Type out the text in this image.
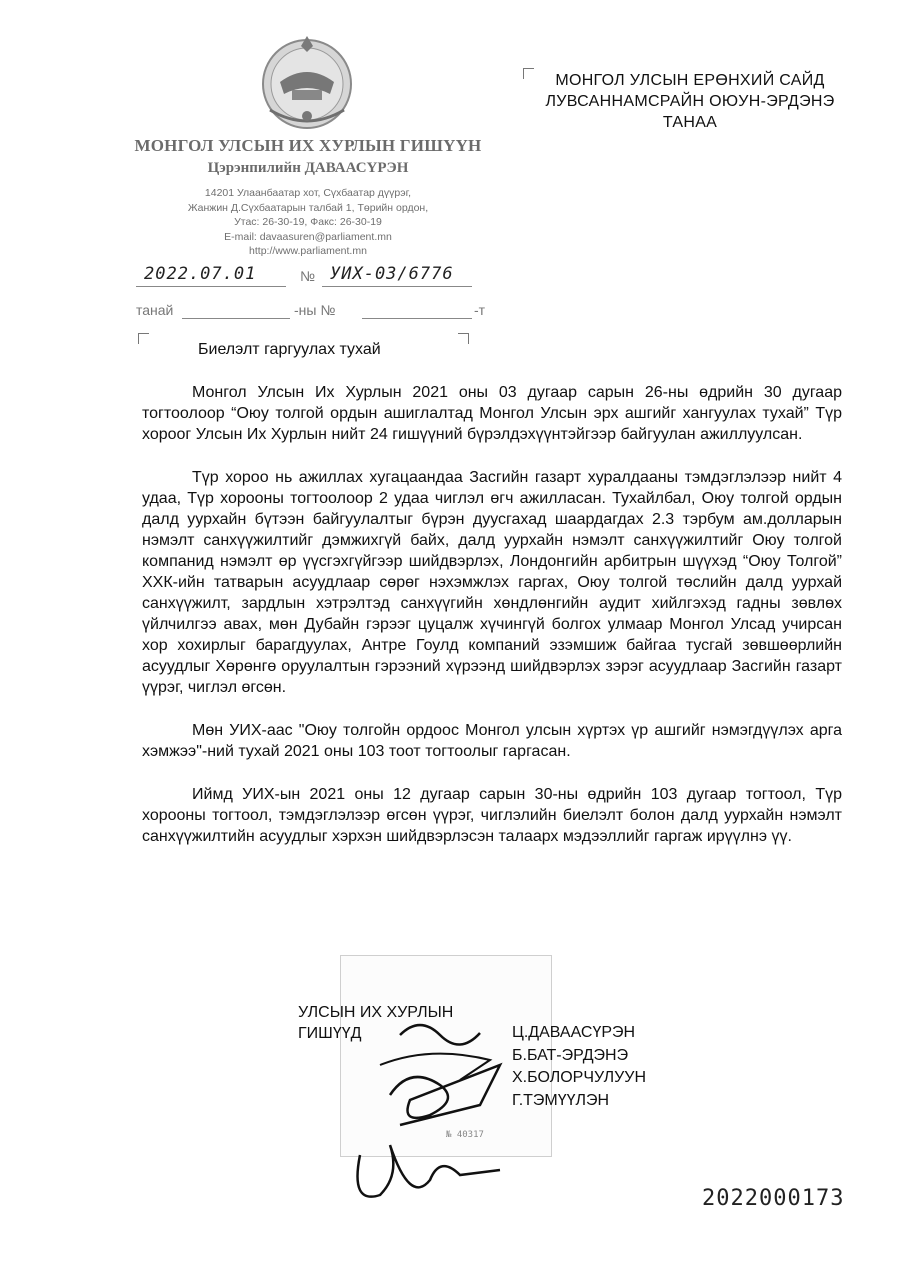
МОНГОЛ УЛСЫН ИХ ХУРЛЫН ГИШҮҮН
Цэрэнпилийн ДАВААСҮРЭН
14201 Улаанбаатар хот, Сүхбаатар дүүрэг,
Жанжин Д.Сүхбаатарын талбай 1, Төрийн ордон,
Утас: 26-30-19, Факс: 26-30-19
E-mail: davaasuren@parliament.mn
http://www.parliament.mn
2022.07.01	№ УИХ-03/6776
танай	-ны №	-т
МОНГОЛ УЛСЫН ЕРӨНХИЙ САЙД
ЛУВСАННАМСРАЙН ОЮУН-ЭРДЭНЭ
ТАНАА
Биелэлт гаргуулах тухай

Монгол Улсын Их Хурлын 2021 оны 03 дугаар сарын 26-ны өдрийн 30 дугаар тогтоолоор “Оюу толгой ордын ашиглалтад Монгол Улсын эрх ашгийг хангуулах тухай” Түр хороог Улсын Их Хурлын нийт 24 гишүүний бүрэлдэхүүнтэйгээр байгуулан ажиллуулсан.

Түр хороо нь ажиллах хугацаандаа Засгийн газарт хуралдааны тэмдэглэлээр нийт 4 удаа, Түр хорооны тогтоолоор 2 удаа чиглэл өгч ажилласан. Тухайлбал, Оюу толгой ордын далд уурхайн бүтээн байгуулалтыг бүрэн дуусгахад шаардагдах 2.3 тэрбум ам.долларын нэмэлт санхүүжилтийг дэмжихгүй байх, далд уурхайн нэмэлт санхүүжилтийг Оюу толгой компанид нэмэлт өр үүсгэхгүйгээр шийдвэрлэх, Лондонгийн арбитрын шүүхэд “Оюу Толгой” ХХК-ийн татварын асуудлаар сөрөг нэхэмжлэх гаргах, Оюу толгой төслийн далд уурхай санхүүжилт, зардлын хэтрэлтэд санхүүгийн хөндлөнгийн аудит хийлгэхэд гадны зөвлөх үйлчилгээ авах, мөн Дубайн гэрээг цуцалж хүчингүй болгох улмаар Монгол Улсад учирсан хор хохирлыг барагдуулах, Антре Гоулд компаний эзэмшиж байгаа тусгай зөвшөөрлийн асуудлыг Хөрөнгө оруулалтын гэрээний хүрээнд шийдвэрлэх зэрэг асуудлаар Засгийн газарт үүрэг, чиглэл өгсөн.

Мөн УИХ-аас "Оюу толгойн ордоос Монгол улсын хүртэх үр ашгийг нэмэгдүүлэх арга хэмжээ"-ний тухай 2021 оны 103 тоот тогтоолыг гаргасан.

Иймд УИХ-ын 2021 оны 12 дугаар сарын 30-ны өдрийн 103 дугаар тогтоол, Түр хорооны тогтоол, тэмдэглэлээр өгсөн үүрэг, чиглэлийн биелэлт болон далд уурхайн нэмэлт санхүүжилтийн асуудлыг хэрхэн шийдвэрлэсэн талаарх мэдээллийг гаргаж ирүүлнэ үү.

№ 40317
УЛСЫН ИХ ХУРЛЫН
ГИШҮҮД	Ц.ДАВААСҮРЭН
Б.БАТ-ЭРДЭНЭ
Х.БОЛОРЧУЛУУН
Г.ТЭМҮҮЛЭН
2022000173
